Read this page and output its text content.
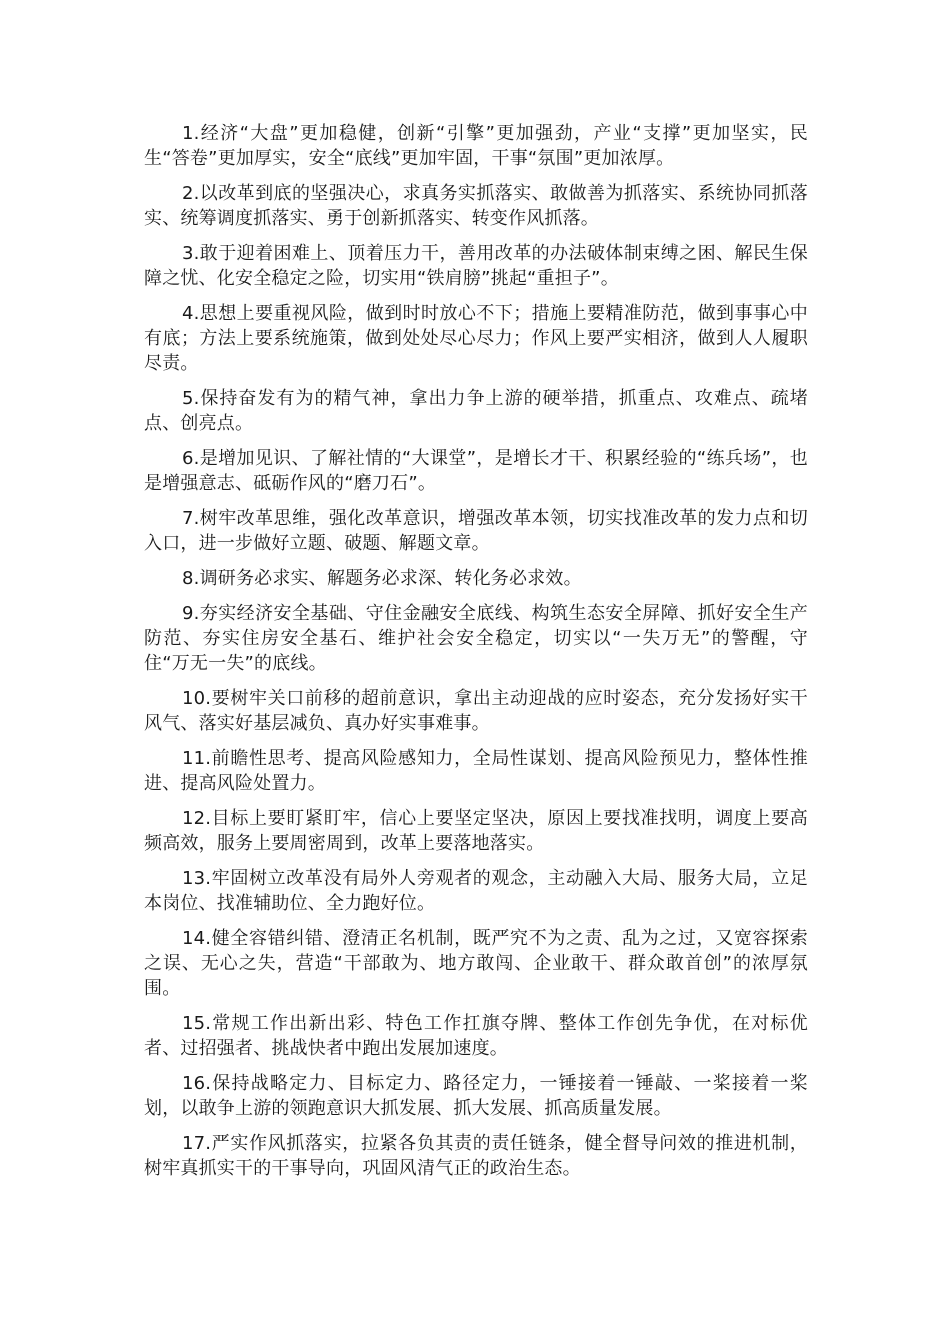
1.经济“大盘”更加稳健，创新“引擎”更加强劲，产业“支撑”更加坚实，民生“答卷”更加厚实，安全“底线”更加牢固，干事“氛围”更加浓厚。

2.以改革到底的坚强决心，求真务实抓落实、敢做善为抓落实、系统协同抓落实、统筹调度抓落实、勇于创新抓落实、转变作风抓落。

3.敢于迎着困难上、顶着压力干，善用改革的办法破体制束缚之困、解民生保障之忧、化安全稳定之险，切实用“铁肩膀”挑起“重担子”。

4.思想上要重视风险，做到时时放心不下；措施上要精准防范，做到事事心中有底；方法上要系统施策，做到处处尽心尽力；作风上要严实相济，做到人人履职尽责。

5.保持奋发有为的精气神，拿出力争上游的硬举措，抓重点、攻难点、疏堵点、创亮点。

6.是增加见识、了解社情的“大课堂”，是增长才干、积累经验的“练兵场”，也是增强意志、砥砺作风的“磨刀石”。

7.树牢改革思维，强化改革意识，增强改革本领，切实找准改革的发力点和切入口，进一步做好立题、破题、解题文章。

8.调研务必求实、解题务必求深、转化务必求效。

9.夯实经济安全基础、守住金融安全底线、构筑生态安全屏障、抓好安全生产防范、夯实住房安全基石、维护社会安全稳定，切实以“一失万无”的警醒，守住“万无一失”的底线。

10.要树牢关口前移的超前意识，拿出主动迎战的应时姿态，充分发扬好实干风气、落实好基层减负、真办好实事难事。

11.前瞻性思考、提高风险感知力，全局性谋划、提高风险预见力，整体性推进、提高风险处置力。

12.目标上要盯紧盯牢，信心上要坚定坚决，原因上要找准找明，调度上要高频高效，服务上要周密周到，改革上要落地落实。

13.牢固树立改革没有局外人旁观者的观念，主动融入大局、服务大局，立足本岗位、找准辅助位、全力跑好位。

14.健全容错纠错、澄清正名机制，既严究不为之责、乱为之过，又宽容探索之误、无心之失，营造“干部敢为、地方敢闯、企业敢干、群众敢首创”的浓厚氛围。

15.常规工作出新出彩、特色工作扛旗夺牌、整体工作创先争优，在对标优者、过招强者、挑战快者中跑出发展加速度。

16.保持战略定力、目标定力、路径定力，一锤接着一锤敲、一桨接着一桨划，以敢争上游的领跑意识大抓发展、抓大发展、抓高质量发展。

17.严实作风抓落实，拉紧各负其责的责任链条，健全督导问效的推进机制，树牢真抓实干的干事导向，巩固风清气正的政治生态。
